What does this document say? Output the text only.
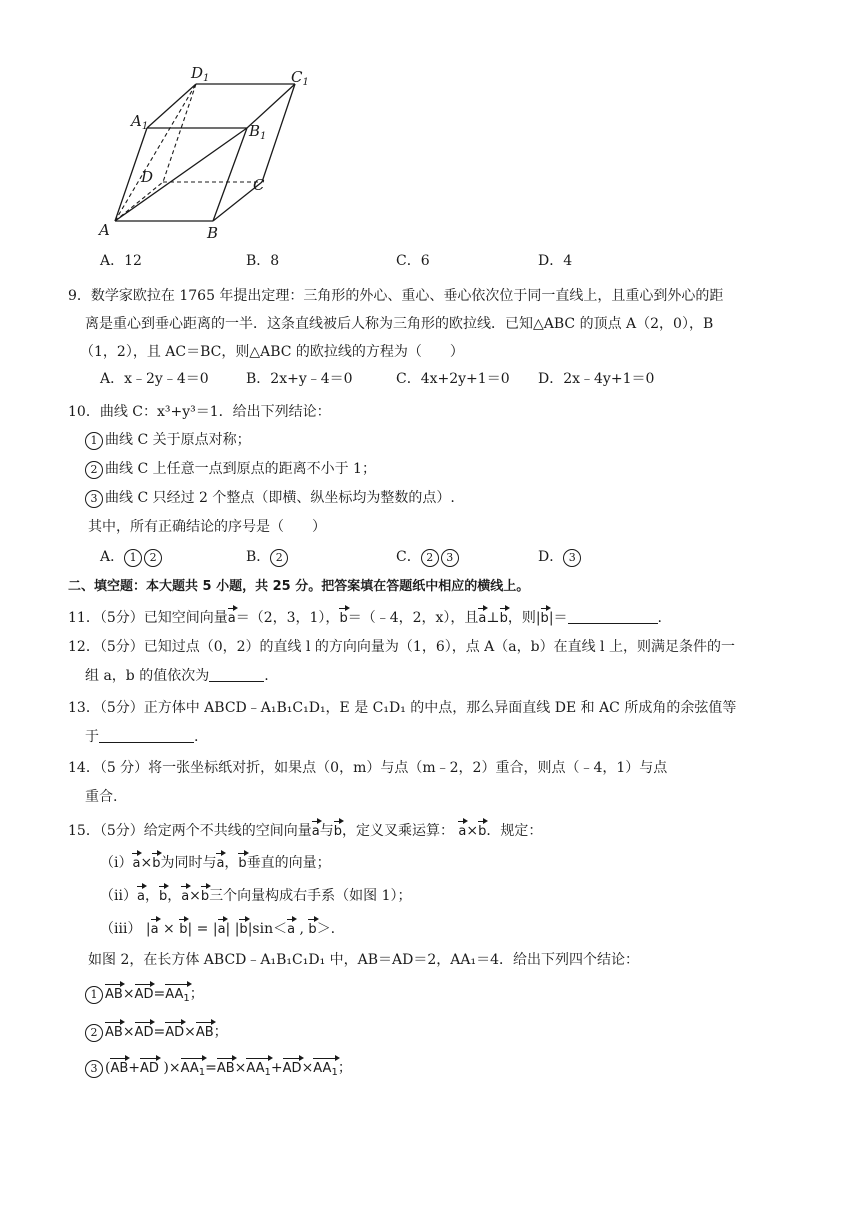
$D_1$	$C_1$
$A_1$	$B_1$
D	C
A	B
A．12	B．8	C．6	D．4
9．数学家欧拉在 1765 年提出定理：三角形的外心、重心、垂心依次位于同一直线上，且重心到外心的距
离是重心到垂心距离的一半．这条直线被后人称为三角形的欧拉线．已知△ABC 的顶点 A（2，0），B
（1，2），且 AC＝BC，则△ABC 的欧拉线的方程为（　　）
A．x﹣2y﹣4＝0	B．2x+y﹣4＝0	C．4x+2y+1＝0 D．2x﹣4y+1＝0
10．曲线 C：x³+y³＝1．给出下列结论：
1 曲线 C 关于原点对称；
2 曲线 C 上任意一点到原点的距离不小于 1；
3 曲线 C 只经过 2 个整点（即横、纵坐标均为整数的点）.
其中，所有正确结论的序号是（　　）
A． 1 2	B． 2	C． 2 3	D． 3
二、填空题：本大题共 5 小题，共 25 分。把答案填在答题纸中相应的横线上。
11．（5分）已知空间向量a＝（2，3，1），b＝（﹣4，2，x），且a⊥b，则|b|＝	.
12．（5分）已知过点（0，2）的直线 l 的方向向量为（1，6），点 A（a，b）在直线 l 上，则满足条件的一
组 a，b 的值依次为	.
13．（5分）正方体中 ABCD﹣A₁B₁C₁D₁，E 是 C₁D₁ 的中点，那么异面直线 DE 和 AC 所成角的余弦值等
于	.
14．（5 分）将一张坐标纸对折，如果点（0，m）与点（m﹣2，2）重合，则点（﹣4，1）与点
重合.
15．（5分）给定两个不共线的空间向量a与b，定义叉乘运算： a×b．规定：
（ⅰ）a×b为同时与a，b垂直的向量；
（ⅱ）a，b，a×b三个向量构成右手系（如图 1）；
（ⅲ） |a × b| = |a| |b|sin＜a , b＞.
如图 2，在长方体 ABCD﹣A₁B₁C₁D₁ 中，AB＝AD＝2，AA₁＝4．给出下列四个结论：
1 $AB\times AD=AA_1$；
2 AB×AD=AD×AB；
3 (AB+AD )$\times AA_1=AB\times AA_1+AD\times AA_1$；
